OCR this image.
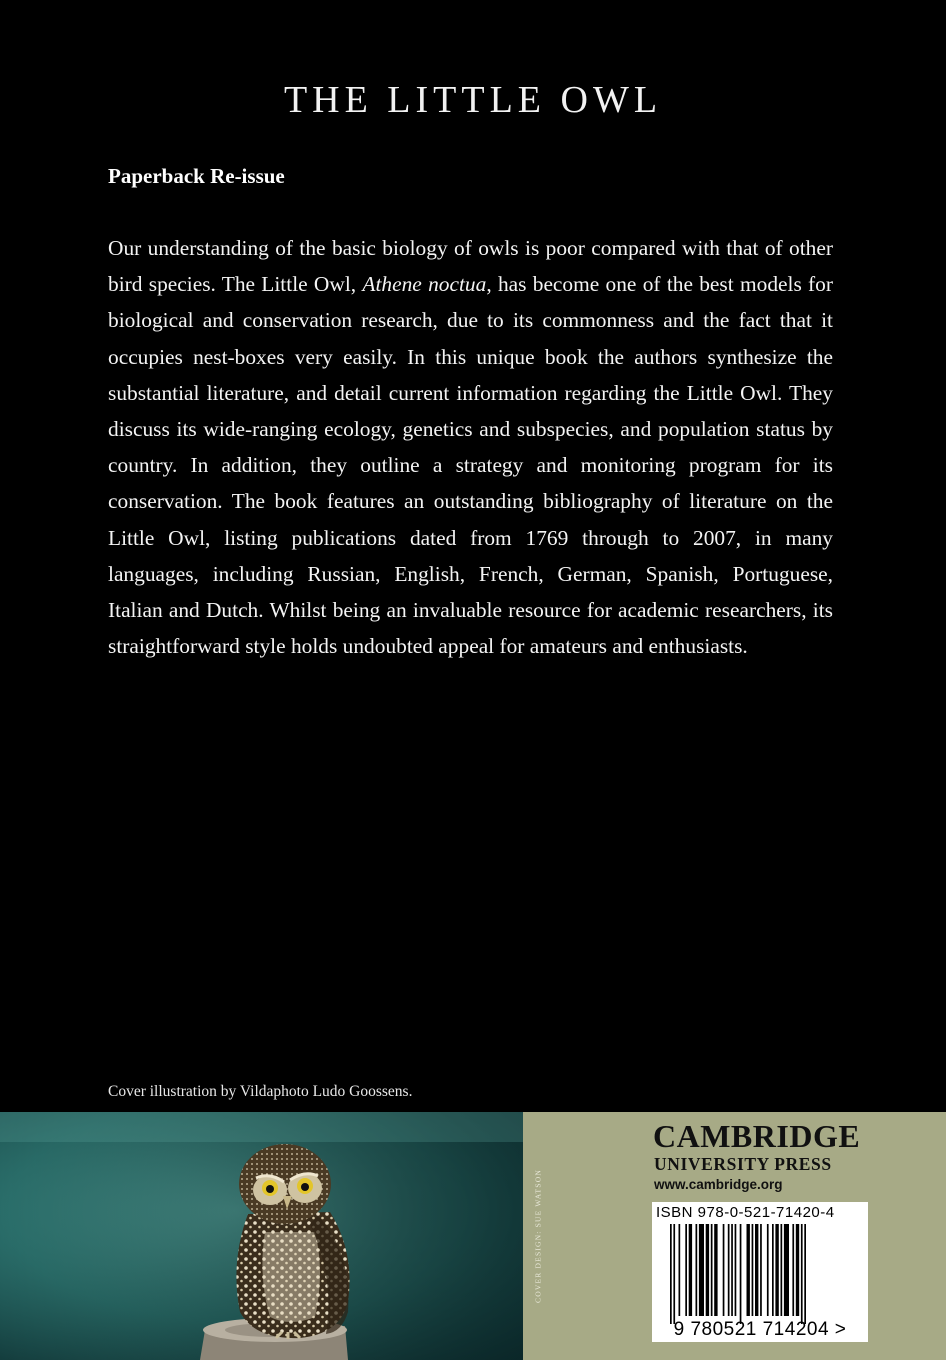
THE LITTLE OWL
Paperback Re-issue
Our understanding of the basic biology of owls is poor compared with that of other bird species. The Little Owl, Athene noctua, has become one of the best models for biological and conservation research, due to its commonness and the fact that it occupies nest-boxes very easily. In this unique book the authors synthesize the substantial literature, and detail current information regarding the Little Owl. They discuss its wide-ranging ecology, genetics and subspecies, and population status by country. In addition, they outline a strategy and monitoring program for its conservation. The book features an outstanding bibliography of literature on the Little Owl, listing publications dated from 1769 through to 2007, in many languages, including Russian, English, French, German, Spanish, Portuguese, Italian and Dutch. Whilst being an invaluable resource for academic researchers, its straightforward style holds undoubted appeal for amateurs and enthusiasts.
Cover illustration by Vildaphoto Ludo Goossens.
COVER DESIGN: SUE WATSON
CAMBRIDGE
UNIVERSITY PRESS
www.cambridge.org
ISBN 978-0-521-71420-4
9 780521 714204 >
